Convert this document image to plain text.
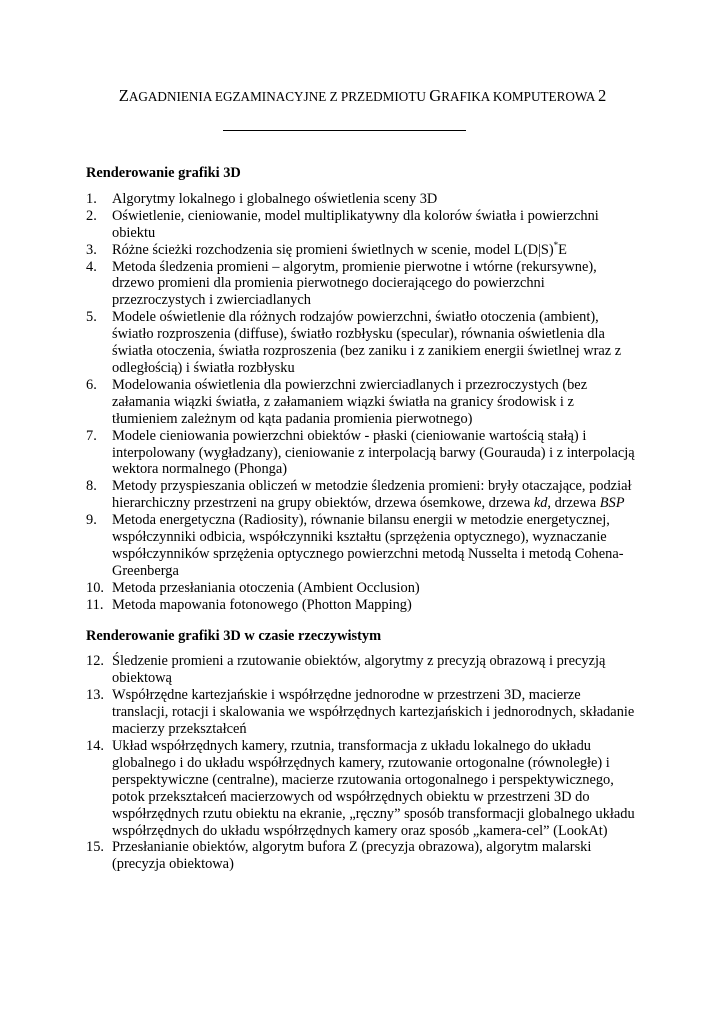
ZAGADNIENIA EGZAMINACYJNE Z PRZEDMIOTU GRAFIKA KOMPUTEROWA 2
Renderowanie grafiki 3D
1. Algorytmy lokalnego i globalnego oświetlenia sceny 3D
2. Oświetlenie, cieniowanie, model multiplikatywny dla kolorów światła i powierzchni obiektu
3. Różne ścieżki rozchodzenia się promieni świetlnych w scenie, model L(D|S)*E
4. Metoda śledzenia promieni – algorytm, promienie pierwotne i wtórne (rekursywne), drzewo promieni dla promienia pierwotnego docierającego do powierzchni przezroczystych i zwierciadlanych
5. Modele oświetlenie dla różnych rodzajów powierzchni, światło otoczenia (ambient), światło rozproszenia (diffuse), światło rozbłysku (specular), równania oświetlenia dla światła otoczenia, światła rozproszenia (bez zaniku i z zanikiem energii świetlnej wraz z odległością) i światła rozbłysku
6. Modelowania oświetlenia dla powierzchni zwierciadlanych i przezroczystych (bez załamania wiązki światła, z załamaniem wiązki światła na granicy środowisk i z tłumieniem zależnym od kąta padania promienia pierwotnego)
7. Modele cieniowania powierzchni obiektów - płaski (cieniowanie wartością stałą) i interpolowany (wygładzany), cieniowanie z interpolacją barwy (Gourauda) i z interpolacją wektora normalnego (Phonga)
8. Metody przyspieszania obliczeń w metodzie śledzenia promieni: bryły otaczające, podział hierarchiczny przestrzeni na grupy obiektów, drzewa ósemkowe, drzewa kd, drzewa BSP
9. Metoda energetyczna (Radiosity), równanie bilansu energii w metodzie energetycznej, współczynniki odbicia, współczynniki kształtu (sprzężenia optycznego), wyznaczanie współczynników sprzężenia optycznego powierzchni metodą Nusselta i metodą Cohena-Greenberga
10. Metoda przesłaniania otoczenia (Ambient Occlusion)
11. Metoda mapowania fotonowego (Photton Mapping)
Renderowanie grafiki 3D w czasie rzeczywistym
12. Śledzenie promieni a rzutowanie obiektów, algorytmy z precyzją obrazową i precyzją obiektową
13. Współrzędne kartezjańskie i współrzędne jednorodne w przestrzeni 3D, macierze translacji, rotacji i skalowania we współrzędnych kartezjańskich i jednorodnych, składanie macierzy przekształceń
14. Układ współrzędnych kamery, rzutnia, transformacja z układu lokalnego do układu globalnego i do układu współrzędnych kamery, rzutowanie ortogonalne (równoległe) i perspektywiczne (centralne), macierze rzutowania ortogonalnego i perspektywicznego, potok przekształceń macierzowych od współrzędnych obiektu w przestrzeni 3D do współrzędnych rzutu obiektu na ekranie, „ręczny” sposób transformacji globalnego układu współrzędnych do układu współrzędnych kamery oraz sposób „kamera-cel” (LookAt)
15. Przesłanianie obiektów, algorytm bufora Z (precyzja obrazowa), algorytm malarski (precyzja obiektowa)
